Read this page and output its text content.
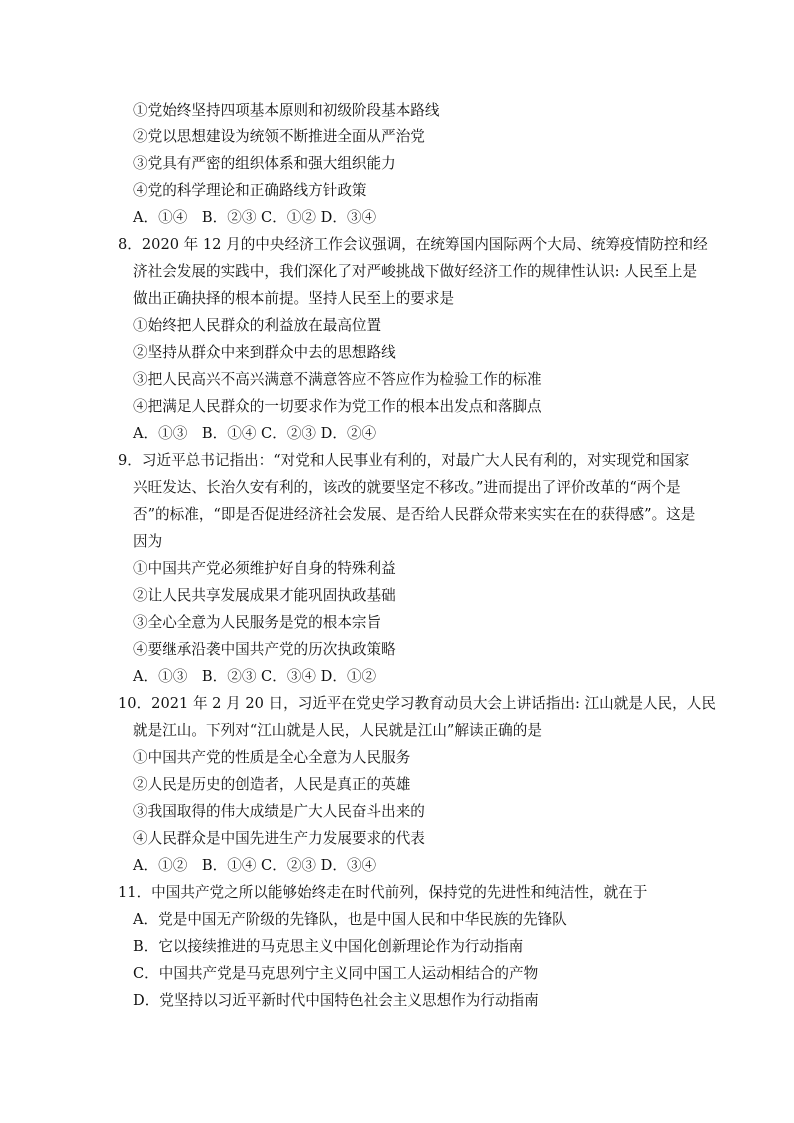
①党始终坚持四项基本原则和初级阶段基本路线
②党以思想建设为统领不断推进全面从严治党
③党具有严密的组织体系和强大组织能力
④党的科学理论和正确路线方针政策
A．①④　B．②③ C．①② D．③④
8．2020 年 12 月的中央经济工作会议强调，在统筹国内国际两个大局、统筹疫情防控和经
济社会发展的实践中，我们深化了对严峻挑战下做好经济工作的规律性认识: 人民至上是
做出正确抉择的根本前提。坚持人民至上的要求是
①始终把人民群众的利益放在最高位置
②坚持从群众中来到群众中去的思想路线
③把人民高兴不高兴满意不满意答应不答应作为检验工作的标准
④把满足人民群众的一切要求作为党工作的根本出发点和落脚点
A．①③　B．①④ C．②③ D．②④
9．习近平总书记指出：“对党和人民事业有利的，对最广大人民有利的，对实现党和国家
兴旺发达、长治久安有利的，该改的就要坚定不移改。”进而提出了评价改革的“两个是
否”的标准，“即是否促进经济社会发展、是否给人民群众带来实实在在的获得感”。这是
因为
①中国共产党必须维护好自身的特殊利益
②让人民共享发展成果才能巩固执政基础
③全心全意为人民服务是党的根本宗旨
④要继承沿袭中国共产党的历次执政策略
A．①③　B．②③ C．③④ D．①②
10．2021 年 2 月 20 日，习近平在党史学习教育动员大会上讲话指出: 江山就是人民，人民
就是江山。下列对“江山就是人民，人民就是江山”解读正确的是
①中国共产党的性质是全心全意为人民服务
②人民是历史的创造者，人民是真正的英雄
③我国取得的伟大成绩是广大人民奋斗出来的
④人民群众是中国先进生产力发展要求的代表
A．①②　B．①④ C．②③ D．③④
11．中国共产党之所以能够始终走在时代前列，保持党的先进性和纯洁性，就在于
A．党是中国无产阶级的先锋队，也是中国人民和中华民族的先锋队
B．它以接续推进的马克思主义中国化创新理论作为行动指南
C．中国共产党是马克思列宁主义同中国工人运动相结合的产物
D．党坚持以习近平新时代中国特色社会主义思想作为行动指南
